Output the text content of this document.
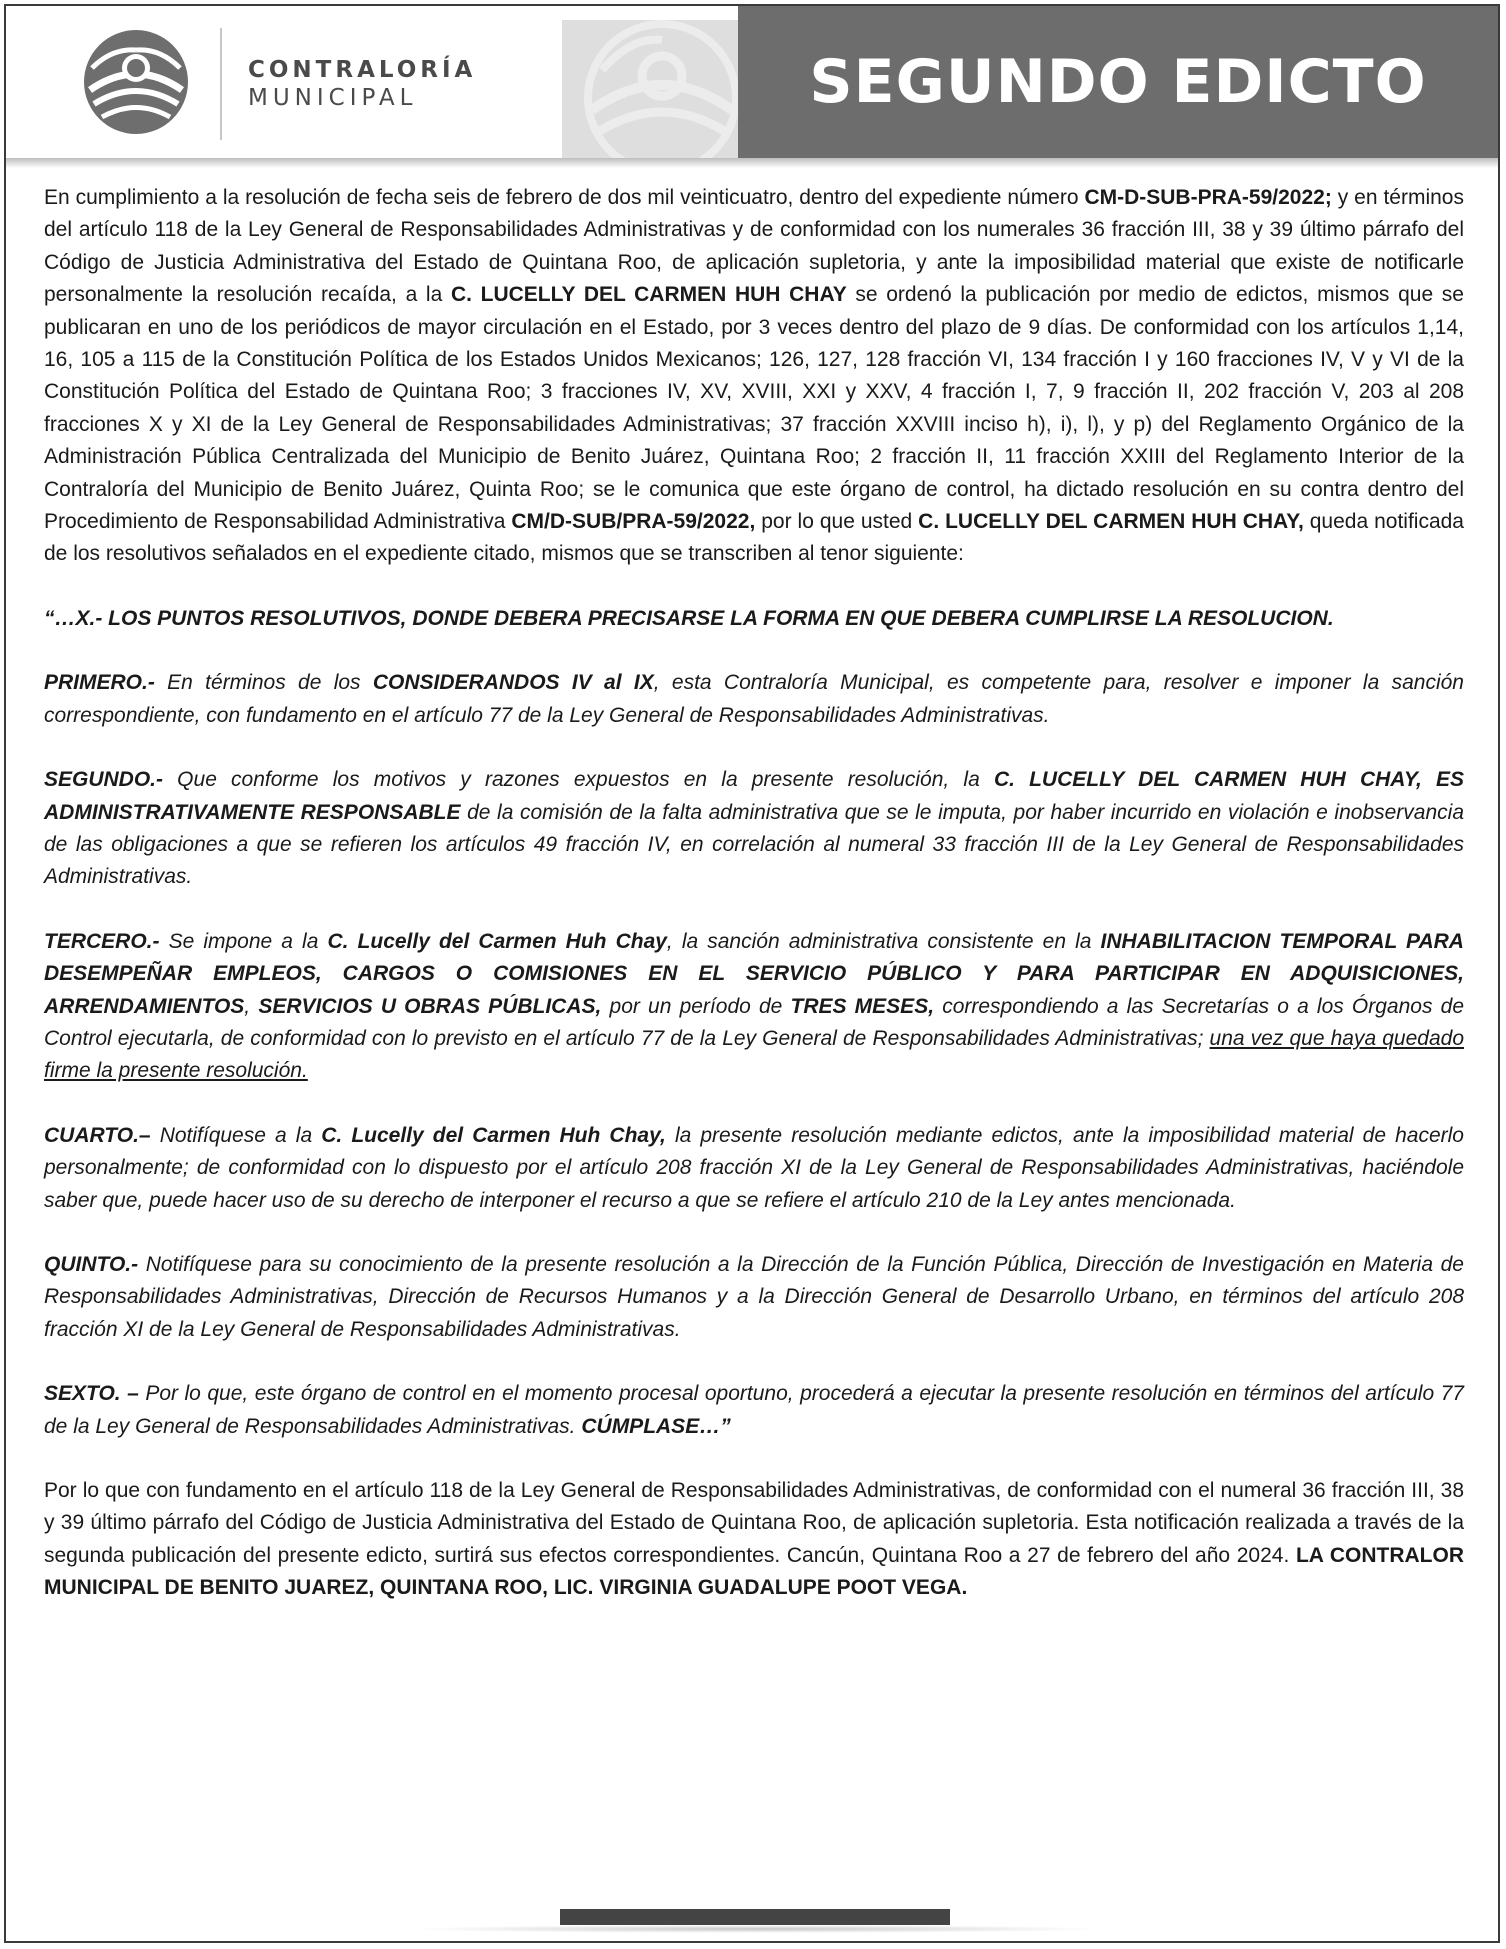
CONTRALORÍA
MUNICIPAL	SEGUNDO EDICTO

En cumplimiento a la resolución de fecha seis de febrero de dos mil veinticuatro, dentro del expediente número CM-D-SUB-PRA-59/2022; y en términos del artículo 118 de la Ley General de Responsabilidades Administrativas y de conformidad con los numerales 36 fracción III, 38 y 39 último párrafo del Código de Justicia Administrativa del Estado de Quintana Roo, de aplicación supletoria, y ante la imposibilidad material que existe de notificarle personalmente la resolución recaída, a la C. LUCELLY DEL CARMEN HUH CHAY se ordenó la publicación por medio de edictos, mismos que se publicaran en uno de los periódicos de mayor circulación en el Estado, por 3 veces dentro del plazo de 9 días. De conformidad con los artículos 1,14, 16, 105 a 115 de la Constitución Política de los Estados Unidos Mexicanos; 126, 127, 128 fracción VI, 134 fracción I y 160 fracciones IV, V y VI de la Constitución Política del Estado de Quintana Roo; 3 fracciones IV, XV, XVIII, XXI y XXV, 4 fracción I, 7, 9 fracción II, 202 fracción V, 203 al 208 fracciones X y XI de la Ley General de Responsabilidades Administrativas; 37 fracción XXVIII inciso h), i), l), y p) del Reglamento Orgánico de la Administración Pública Centralizada del Municipio de Benito Juárez, Quintana Roo; 2 fracción II, 11 fracción XXIII del Reglamento Interior de la Contraloría del Municipio de Benito Juárez, Quinta Roo; se le comunica que este órgano de control, ha dictado resolución en su contra dentro del Procedimiento de Responsabilidad Administrativa CM/D-SUB/PRA-59/2022, por lo que usted C. LUCELLY DEL CARMEN HUH CHAY, queda notificada de los resolutivos señalados en el expediente citado, mismos que se transcriben al tenor siguiente:

“…X.- LOS PUNTOS RESOLUTIVOS, DONDE DEBERA PRECISARSE LA FORMA EN QUE DEBERA CUMPLIRSE LA RESOLUCION.

PRIMERO.- En términos de los CONSIDERANDOS IV al IX, esta Contraloría Municipal, es competente para, resolver e imponer la sanción correspondiente, con fundamento en el artículo 77 de la Ley General de Responsabilidades Administrativas.

SEGUNDO.- Que conforme los motivos y razones expuestos en la presente resolución, la C. LUCELLY DEL CARMEN HUH CHAY, ES ADMINISTRATIVAMENTE RESPONSABLE de la comisión de la falta administrativa que se le imputa, por haber incurrido en violación e inobservancia de las obligaciones a que se refieren los artículos 49 fracción IV, en correlación al numeral 33 fracción III de la Ley General de Responsabilidades Administrativas.

TERCERO.- Se impone a la C. Lucelly del Carmen Huh Chay, la sanción administrativa consistente en la INHABILITACION TEMPORAL PARA DESEMPEÑAR EMPLEOS, CARGOS O COMISIONES EN EL SERVICIO PÚBLICO Y PARA PARTICIPAR EN ADQUISICIONES, ARRENDAMIENTOS, SERVICIOS U OBRAS PÚBLICAS, por un período de TRES MESES, correspondiendo a las Secretarías o a los Órganos de Control ejecutarla, de conformidad con lo previsto en el artículo 77 de la Ley General de Responsabilidades Administrativas; una vez que haya quedado firme la presente resolución.

CUARTO.– Notifíquese a la C. Lucelly del Carmen Huh Chay, la presente resolución mediante edictos, ante la imposibilidad material de hacerlo personalmente; de conformidad con lo dispuesto por el artículo 208 fracción XI de la Ley General de Responsabilidades Administrativas, haciéndole saber que, puede hacer uso de su derecho de interponer el recurso a que se refiere el artículo 210 de la Ley antes mencionada.

QUINTO.- Notifíquese para su conocimiento de la presente resolución a la Dirección de la Función Pública, Dirección de Investigación en Materia de Responsabilidades Administrativas, Dirección de Recursos Humanos y a la Dirección General de Desarrollo Urbano, en términos del artículo 208 fracción XI de la Ley General de Responsabilidades Administrativas.

SEXTO. – Por lo que, este órgano de control en el momento procesal oportuno, procederá a ejecutar la presente resolución en términos del artículo 77 de la Ley General de Responsabilidades Administrativas. CÚMPLASE…”

Por lo que con fundamento en el artículo 118 de la Ley General de Responsabilidades Administrativas, de conformidad con el numeral 36 fracción III, 38 y 39 último párrafo del Código de Justicia Administrativa del Estado de Quintana Roo, de aplicación supletoria. Esta notificación realizada a través de la segunda publicación del presente edicto, surtirá sus efectos correspondientes. Cancún, Quintana Roo a 27 de febrero del año 2024. LA CONTRALOR MUNICIPAL DE BENITO JUAREZ, QUINTANA ROO, LIC. VIRGINIA GUADALUPE POOT VEGA.
